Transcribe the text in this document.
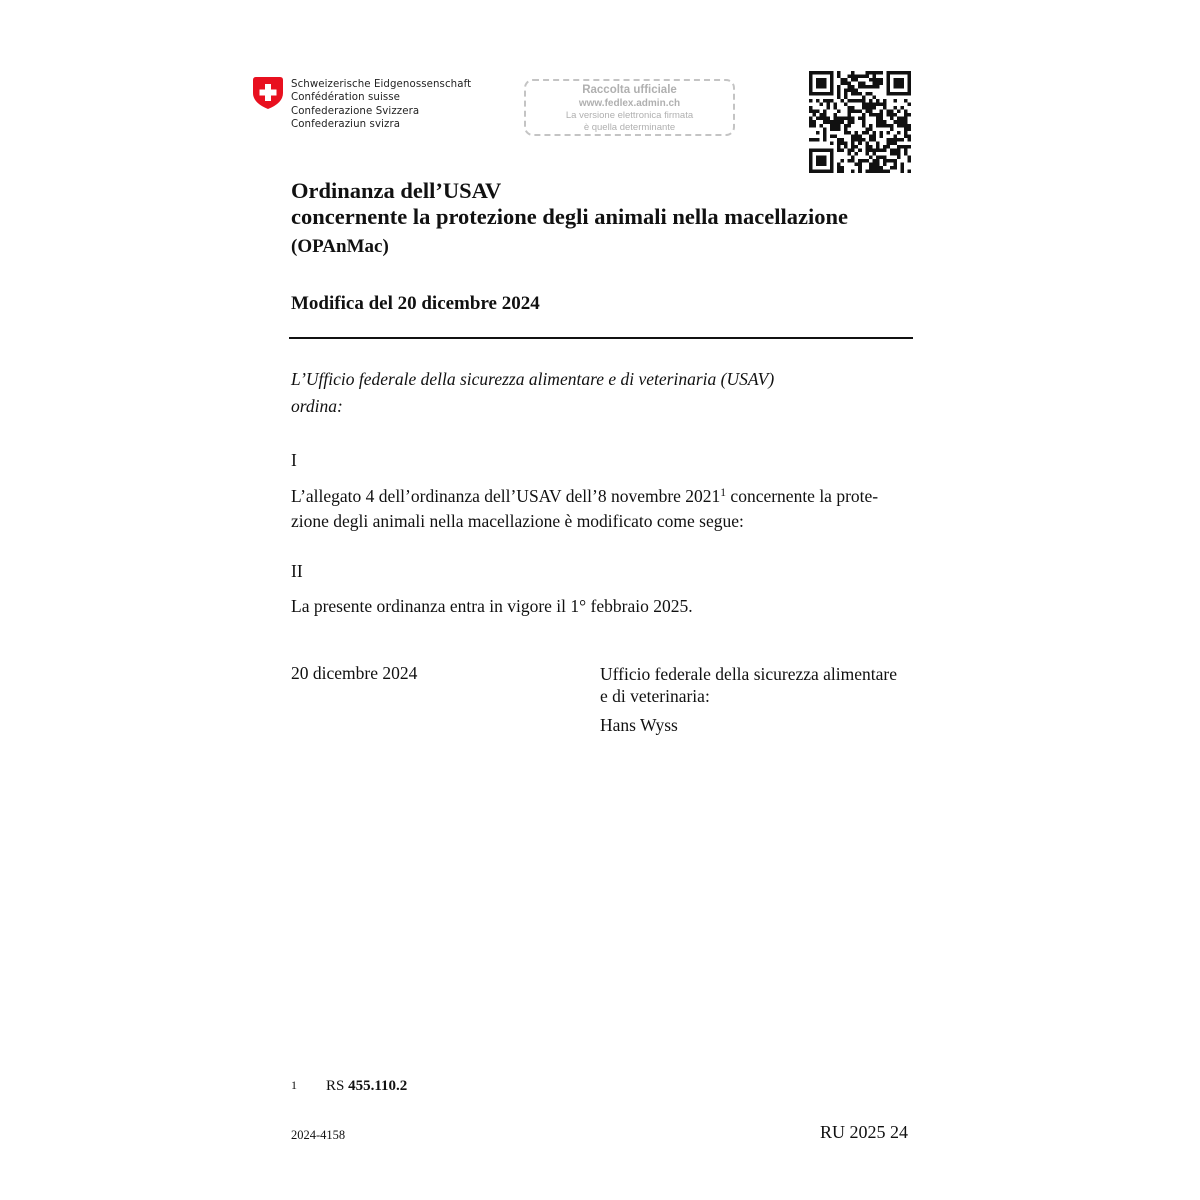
Schweizerische Eidgenossenschaft
Confédération suisse
Confederazione Svizzera
Confederaziun svizra
Raccolta ufficiale
www.fedlex.admin.ch
La versione elettronica firmata
è quella determinante
Ordinanza dell’USAV
concernente la protezione degli animali nella macellazione
(OPAnMac)
Modifica del 20 dicembre 2024
L’Ufficio federale della sicurezza alimentare e di veterinaria (USAV)
ordina:
I
L’allegato 4 dell’ordinanza dell’USAV dell’8 novembre 2021$^1$ concernente la prote-
zione degli animali nella macellazione è modificato come segue:
II
La presente ordinanza entra in vigore il 1° febbraio 2025.
20 dicembre 2024	Ufficio federale della sicurezza alimentare
e di veterinaria:
Hans Wyss
1 RS 455.110.2
2024-4158	RU 2025 24
